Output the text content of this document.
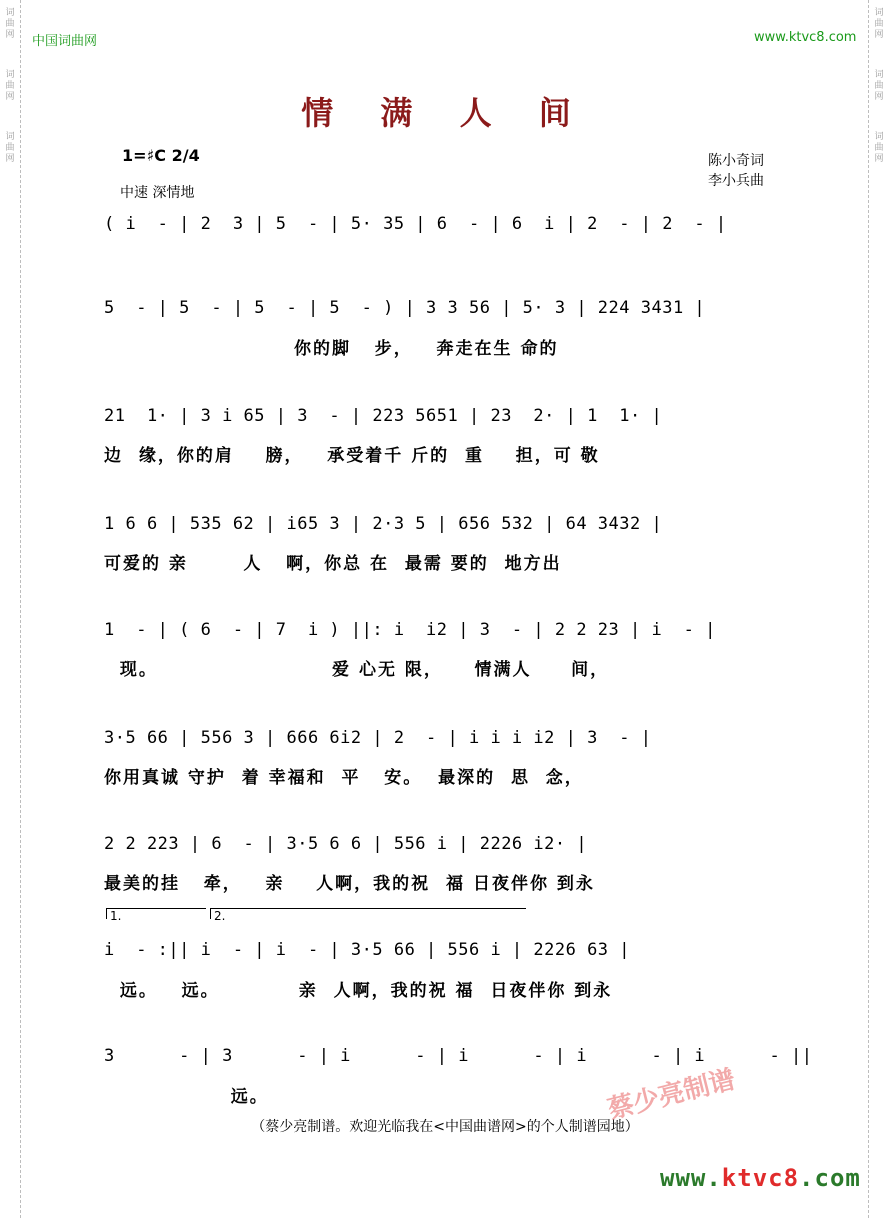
词曲网
词曲网
词曲网
词曲网
词曲网
词曲网
中国词曲网	www.ktvc8.com
情 满 人 间
1=♯C 2/4
中速 深情地
陈小奇词
李小兵曲
( i  - | 2  3 | 5  - | 5· 35 | 6  - | 6  i | 2  - | 2  - |
5  - | 5  - | 5  - | 5  - ) | 3 3 56 | 5· 3 | 224 3431 |
你的脚   步，   奔走在生 命的
21  1· | 3 i 65 | 3  - | 223 5651 | 23  2· | 1  1· |
边  缘，你的肩    膀，   承受着千 斤的  重    担，可 敬
1 6 6 | 535 62 | i65 3 | 2·3 5 | 656 532 | 64 3432 |
可爱的 亲       人   啊，你总 在  最需 要的  地方出
1  - | ( 6  - | 7  i ) ||: i  i2 | 3  - | 2 2 23 | i  - |
现。                      爱 心无 限，    情满人     间，
3·5 66 | 556 3 | 666 6i2 | 2  - | i i i i2 | 3  - |
你用真诚 守护  着 幸福和  平   安。  最深的  思  念，
2 2 223 | 6  - | 3·5 6 6 | 556 i | 2226 i2· |
最美的挂   牵，   亲    人啊，我的祝  福 日夜伴你 到永
1.	2.
i  - :|| i  - | i  - | 3·5 66 | 556 i | 2226 63 |
远。   远。          亲  人啊，我的祝 福  日夜伴你 到永
3      - | 3      - | i      - | i      - | i      - | i      - ||
远。
（蔡少亮制谱。欢迎光临我在<中国曲谱网>的个人制谱园地）
蔡少亮制谱
www.ktvc8.com
